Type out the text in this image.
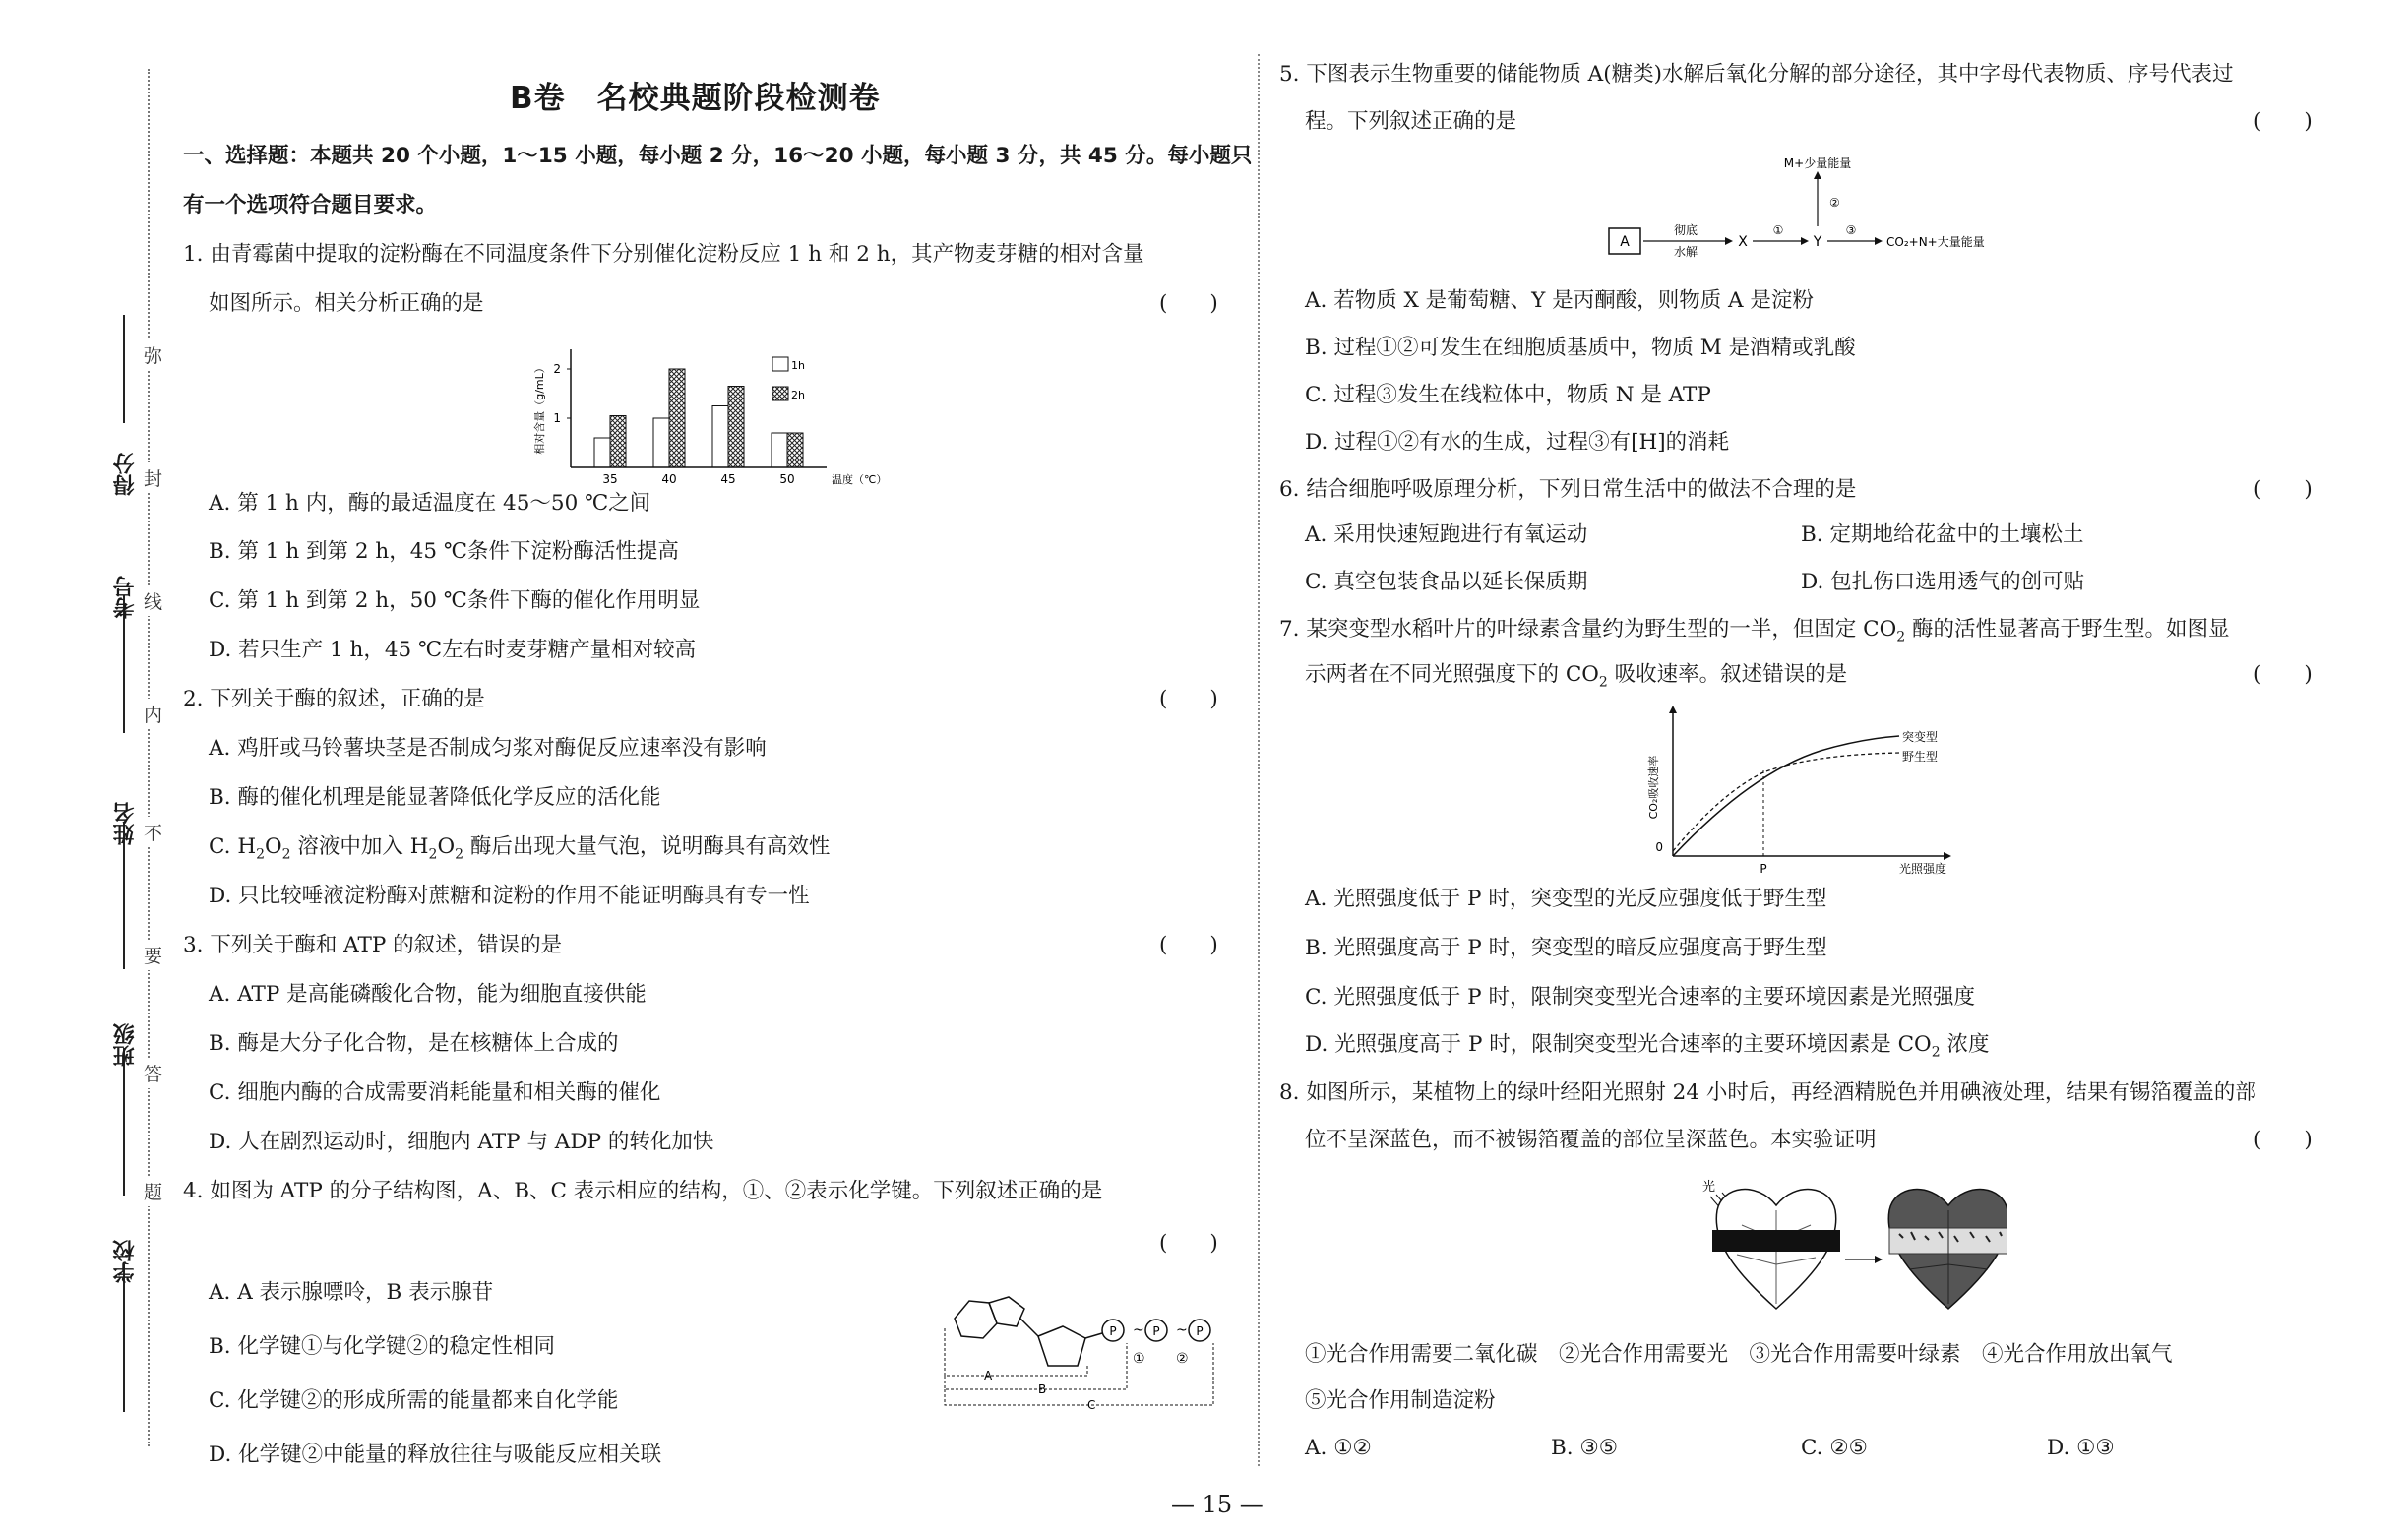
得分
考号
姓名
班级
学校
弥
封
线
内
不
要
答
题
B卷　名校典题阶段检测卷
一、选择题：本题共 20 个小题，1～15 小题，每小题 2 分，16～20 小题，每小题 3 分，共 45 分。每小题只
有一个选项符合题目要求。
1. 由青霉菌中提取的淀粉酶在不同温度条件下分别催化淀粉反应 1 h 和 2 h，其产物麦芽糖的相对含量
如图所示。相关分析正确的是	(　　)
1
2
相对含量（g/mL）
35	40	45	50	温度（℃）
1h
2h
A. 第 1 h 内，酶的最适温度在 45～50 ℃之间
B. 第 1 h 到第 2 h，45 ℃条件下淀粉酶活性提高
C. 第 1 h 到第 2 h，50 ℃条件下酶的催化作用明显
D. 若只生产 1 h，45 ℃左右时麦芽糖产量相对较高
2. 下列关于酶的叙述，正确的是	(　　)
A. 鸡肝或马铃薯块茎是否制成匀浆对酶促反应速率没有影响
B. 酶的催化机理是能显著降低化学反应的活化能
C. $H_2O_2$ 溶液中加入 $H_2O_2$ 酶后出现大量气泡，说明酶具有高效性
D. 只比较唾液淀粉酶对蔗糖和淀粉的作用不能证明酶具有专一性
3. 下列关于酶和 ATP 的叙述，错误的是	(　　)
A. ATP 是高能磷酸化合物，能为细胞直接供能
B. 酶是大分子化合物，是在核糖体上合成的
C. 细胞内酶的合成需要消耗能量和相关酶的催化
D. 人在剧烈运动时，细胞内 ATP 与 ADP 的转化加快
4. 如图为 ATP 的分子结构图，A、B、C 表示相应的结构，①、②表示化学键。下列叙述正确的是
(　　)
A. A 表示腺嘌呤，B 表示腺苷
B. 化学键①与化学键②的稳定性相同
C. 化学键②的形成所需的能量都来自化学能
D. 化学键②中能量的释放往往与吸能反应相关联
P ~ P ~ P
① ②
A
B
C
5. 下图表示生物重要的储能物质 A(糖类)水解后氧化分解的部分途径，其中字母代表物质、序号代表过
程。下列叙述正确的是	(　　)
A
彻底
水解
X
①
Y
③
CO₂+N+大量能量
②
M+少量能量
A. 若物质 X 是葡萄糖、Y 是丙酮酸，则物质 A 是淀粉
B. 过程①②可发生在细胞质基质中，物质 M 是酒精或乳酸
C. 过程③发生在线粒体中，物质 N 是 ATP
D. 过程①②有水的生成，过程③有[H]的消耗
6. 结合细胞呼吸原理分析，下列日常生活中的做法不合理的是	(　　)
A. 采用快速短跑进行有氧运动	B. 定期地给花盆中的土壤松土
C. 真空包装食品以延长保质期	D. 包扎伤口选用透气的创可贴
7. 某突变型水稻叶片的叶绿素含量约为野生型的一半，但固定 $CO_2$ 酶的活性显著高于野生型。如图显
示两者在不同光照强度下的 $CO_2$ 吸收速率。叙述错误的是	(　　)
0
CO₂吸收速率
光照强度
P
突变型
野生型
A. 光照强度低于 P 时，突变型的光反应强度低于野生型
B. 光照强度高于 P 时，突变型的暗反应强度高于野生型
C. 光照强度低于 P 时，限制突变型光合速率的主要环境因素是光照强度
D. 光照强度高于 P 时，限制突变型光合速率的主要环境因素是 $CO_2$ 浓度
8. 如图所示，某植物上的绿叶经阳光照射 24 小时后，再经酒精脱色并用碘液处理，结果有锡箔覆盖的部
位不呈深蓝色，而不被锡箔覆盖的部位呈深蓝色。本实验证明	(　　)
光
①光合作用需要二氧化碳　②光合作用需要光　③光合作用需要叶绿素　④光合作用放出氧气
⑤光合作用制造淀粉
A. ①②	B. ③⑤	C. ②⑤	D. ①③
— 15 —
